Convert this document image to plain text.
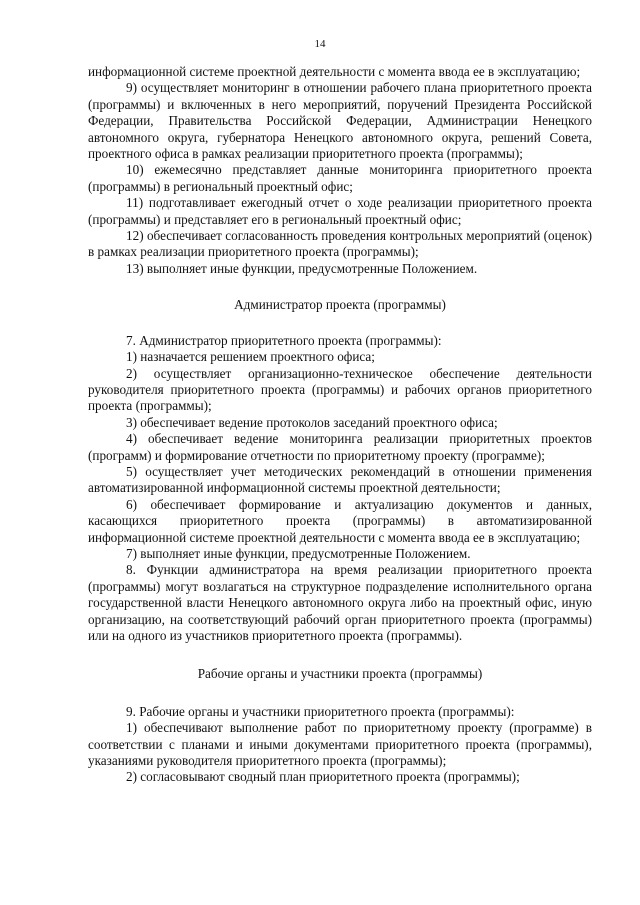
14

информационной системе проектной деятельности с момента ввода ее в эксплуатацию;

9) осуществляет мониторинг в отношении рабочего плана приоритетного проекта (программы) и включенных в него мероприятий, поручений Президента Российской Федерации, Правительства Российской Федерации, Администрации Ненецкого автономного округа, губернатора Ненецкого автономного округа, решений Совета, проектного офиса в рамках реализации приоритетного проекта (программы);

10) ежемесячно представляет данные мониторинга приоритетного проекта (программы) в региональный проектный офис;

11) подготавливает ежегодный отчет о ходе реализации приоритетного проекта (программы) и представляет его в региональный проектный офис;

12) обеспечивает согласованность проведения контрольных мероприятий (оценок) в рамках реализации приоритетного проекта (программы);

13) выполняет иные функции, предусмотренные Положением.

Администратор проекта (программы)

7. Администратор приоритетного проекта (программы):

1) назначается решением проектного офиса;

2) осуществляет организационно-техническое обеспечение деятельности руководителя приоритетного проекта (программы) и рабочих органов приоритетного проекта (программы);

3) обеспечивает ведение протоколов заседаний проектного офиса;

4) обеспечивает ведение мониторинга реализации приоритетных проектов (программ) и формирование отчетности по приоритетному проекту (программе);

5) осуществляет учет методических рекомендаций в отношении применения автоматизированной информационной системы проектной деятельности;

6) обеспечивает формирование и актуализацию документов и данных, касающихся приоритетного проекта (программы) в автоматизированной информационной системе проектной деятельности с момента ввода ее в эксплуатацию;

7) выполняет иные функции, предусмотренные Положением.

8. Функции администратора на время реализации приоритетного проекта (программы) могут возлагаться на структурное подразделение исполнительного органа государственной власти Ненецкого автономного округа либо на проектный офис, иную организацию, на соответствующий рабочий орган приоритетного проекта (программы) или на одного из участников приоритетного проекта (программы).

Рабочие органы и участники проекта (программы)

9. Рабочие органы и участники приоритетного проекта (программы):

1) обеспечивают выполнение работ по приоритетному проекту (программе) в соответствии с планами и иными документами приоритетного проекта (программы), указаниями руководителя приоритетного проекта (программы);

2) согласовывают сводный план приоритетного проекта (программы);
